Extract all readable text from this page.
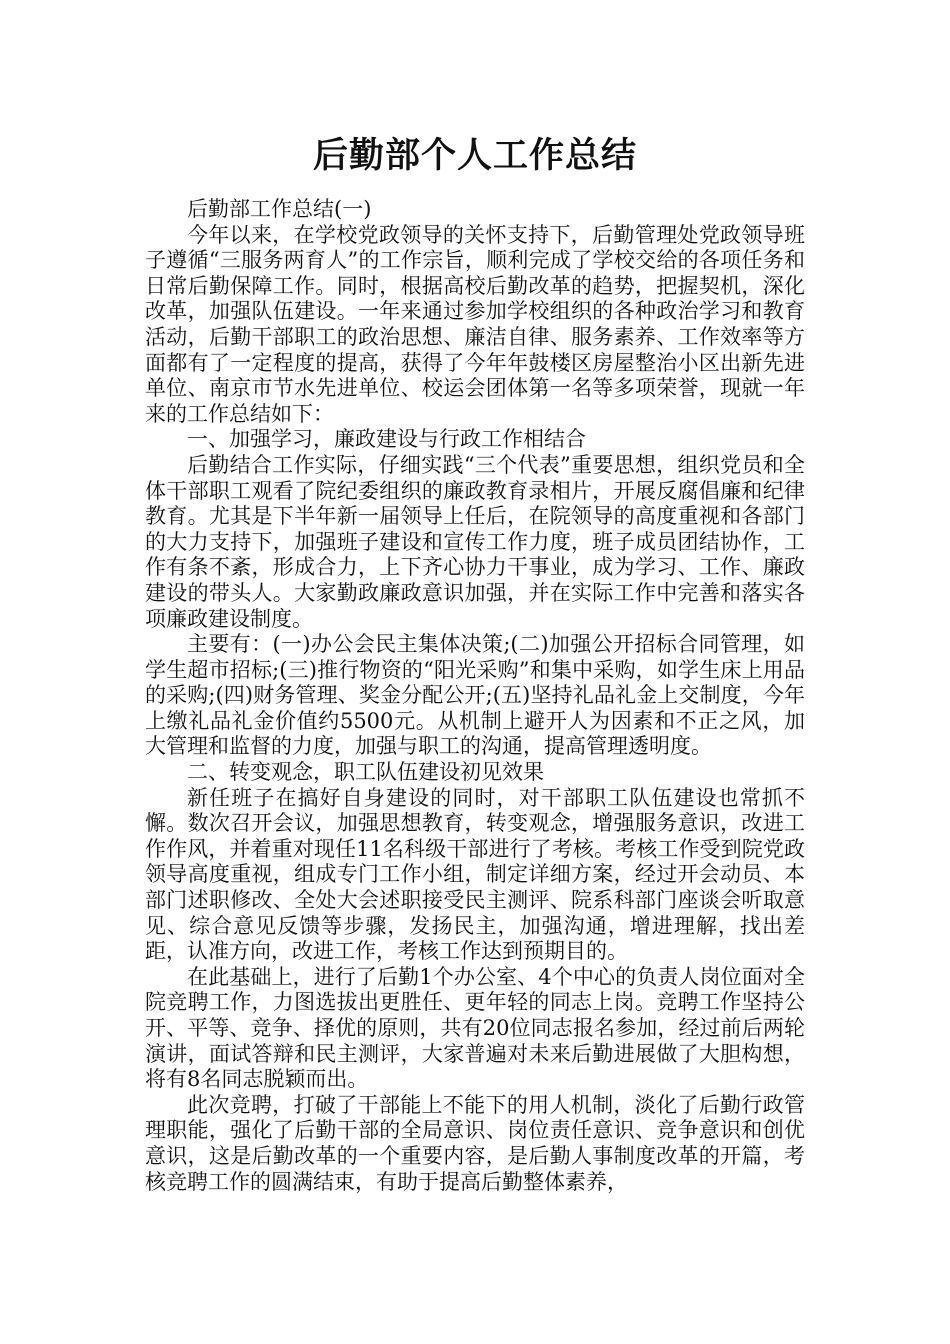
后勤部个人工作总结

后勤部工作总结(一)

今年以来，在学校党政领导的关怀支持下，后勤管理处党政领导班子遵循“三服务两育人”的工作宗旨，顺利完成了学校交给的各项任务和日常后勤保障工作。同时，根据高校后勤改革的趋势，把握契机，深化改革，加强队伍建设。一年来通过参加学校组织的各种政治学习和教育活动，后勤干部职工的政治思想、廉洁自律、服务素养、工作效率等方面都有了一定程度的提高，获得了今年年鼓楼区房屋整治小区出新先进单位、南京市节水先进单位、校运会团体第一名等多项荣誉，现就一年来的工作总结如下：

一、加强学习，廉政建设与行政工作相结合

后勤结合工作实际，仔细实践“三个代表”重要思想，组织党员和全体干部职工观看了院纪委组织的廉政教育录相片，开展反腐倡廉和纪律教育。尤其是下半年新一届领导上任后，在院领导的高度重视和各部门的大力支持下，加强班子建设和宣传工作力度，班子成员团结协作，工作有条不紊，形成合力，上下齐心协力干事业，成为学习、工作、廉政建设的带头人。大家勤政廉政意识加强，并在实际工作中完善和落实各项廉政建设制度。

主要有：(一)办公会民主集体决策;(二)加强公开招标合同管理，如学生超市招标;(三)推行物资的“阳光采购”和集中采购，如学生床上用品的采购;(四)财务管理、奖金分配公开;(五)坚持礼品礼金上交制度，今年上缴礼品礼金价值约5500元。从机制上避开人为因素和不正之风，加大管理和监督的力度，加强与职工的沟通，提高管理透明度。

二、转变观念，职工队伍建设初见效果

新任班子在搞好自身建设的同时，对干部职工队伍建设也常抓不懈。数次召开会议，加强思想教育，转变观念，增强服务意识，改进工作作风，并着重对现任11名科级干部进行了考核。考核工作受到院党政领导高度重视，组成专门工作小组，制定详细方案，经过开会动员、本部门述职修改、全处大会述职接受民主测评、院系科部门座谈会听取意见、综合意见反馈等步骤，发扬民主，加强沟通，增进理解，找出差距，认准方向，改进工作，考核工作达到预期目的。

在此基础上，进行了后勤1个办公室、4个中心的负责人岗位面对全院竞聘工作，力图选拔出更胜任、更年轻的同志上岗。竞聘工作坚持公开、平等、竞争、择优的原则，共有20位同志报名参加，经过前后两轮演讲，面试答辩和民主测评，大家普遍对未来后勤进展做了大胆构想，将有8名同志脱颖而出。

此次竞聘，打破了干部能上不能下的用人机制，淡化了后勤行政管理职能，强化了后勤干部的全局意识、岗位责任意识、竞争意识和创优意识，这是后勤改革的一个重要内容，是后勤人事制度改革的开篇，考核竞聘工作的圆满结束，有助于提高后勤整体素养，
